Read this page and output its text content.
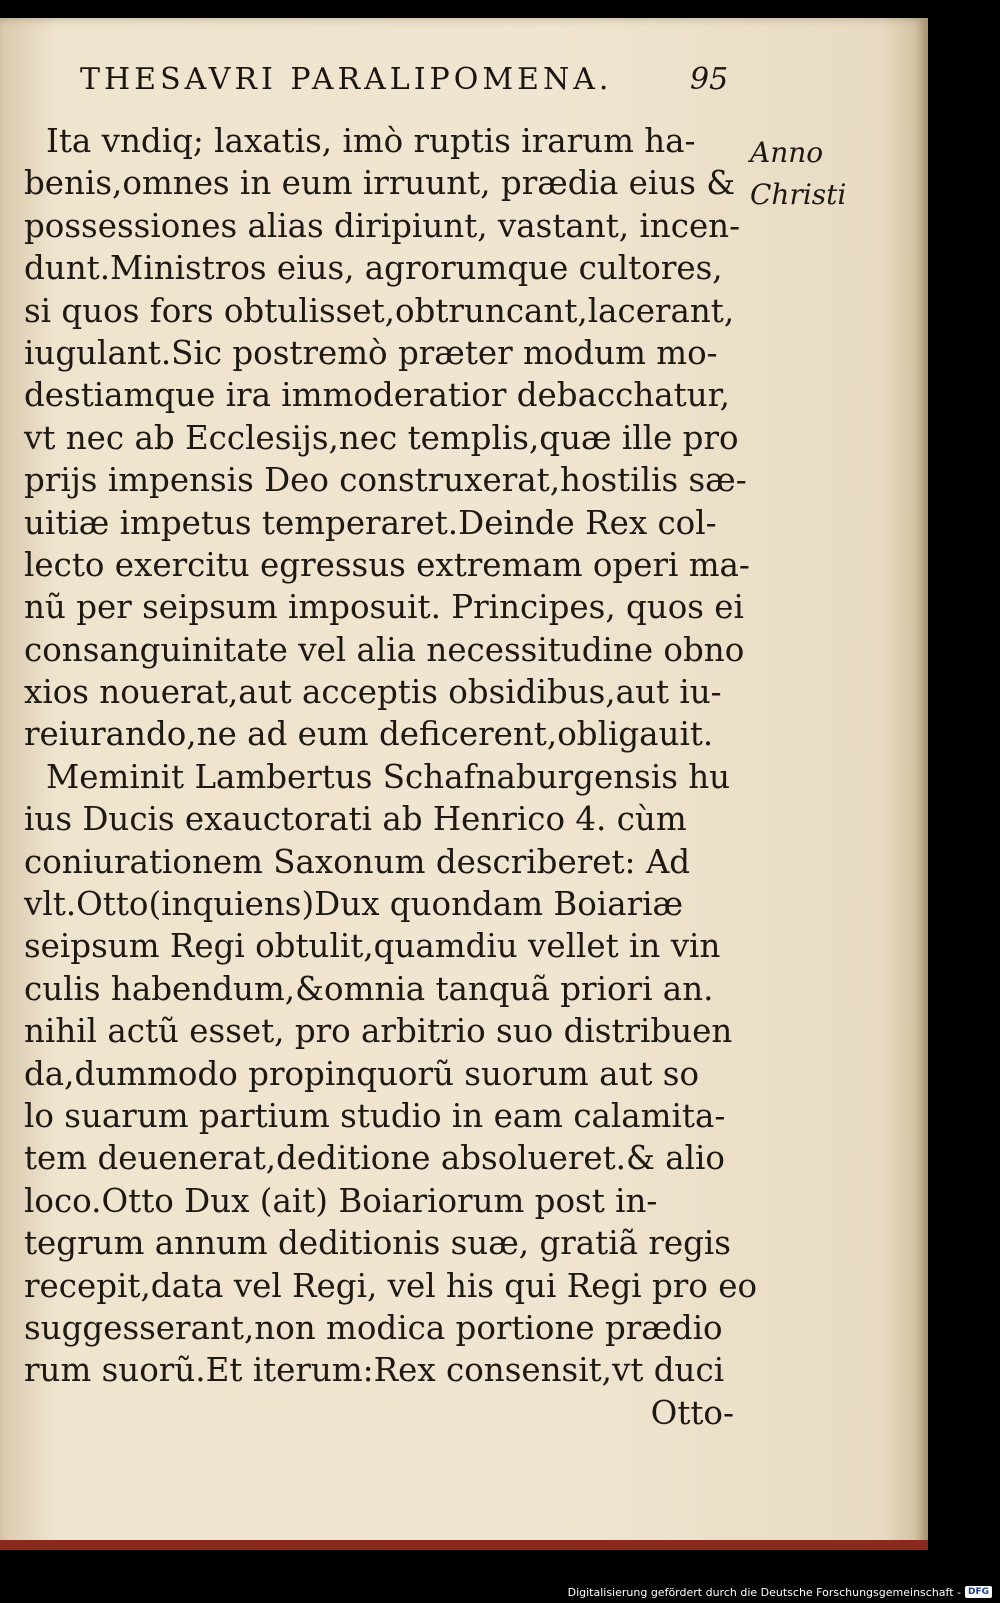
THESAVRI PARALIPOMENA.	95
Anno
Christi
Ita vndiq; laxatis, imò ruptis irarum ha-
benis,omnes in eum irruunt, prædia eius &
possessiones alias diripiunt, vastant, incen-
dunt.Ministros eius, agrorumque cultores,
si quos fors obtulisset,obtruncant,lacerant,
iugulant.Sic postremò præter modum mo-
destiamque ira immoderatior debacchatur,
vt nec ab Ecclesijs,nec templis,quæ ille pro
prijs impensis Deo construxerat,hostilis sæ-
uitiæ impetus temperaret.Deinde Rex col-
lecto exercitu egressus extremam operi ma-
nũ per seipsum imposuit. Principes, quos ei
consanguinitate vel alia necessitudine obno
xios nouerat,aut acceptis obsidibus,aut iu-
reiurando,ne ad eum deficerent,obligauit.
Meminit Lambertus Schafnaburgensis hu
ius Ducis exauctorati ab Henrico 4. cùm
coniurationem Saxonum describeret: Ad
vlt.Otto(inquiens)Dux quondam Boiariæ
seipsum Regi obtulit,quamdiu vellet in vin
culis habendum,&omnia tanquã priori an.
nihil actũ esset, pro arbitrio suo distribuen
da,dummodo propinquorũ suorum aut so
lo suarum partium studio in eam calamita-
tem deuenerat,deditione absolueret.& alio
loco.Otto Dux (ait) Boiariorum post in-
tegrum annum deditionis suæ, gratiã regis
recepit,data vel Regi, vel his qui Regi pro eo
suggesserant,non modica portione prædio
rum suorũ.Et iterum:Rex consensit,vt duci
Otto-
Digitalisierung gefördert durch die Deutsche Forschungsgemeinschaft - DFG
